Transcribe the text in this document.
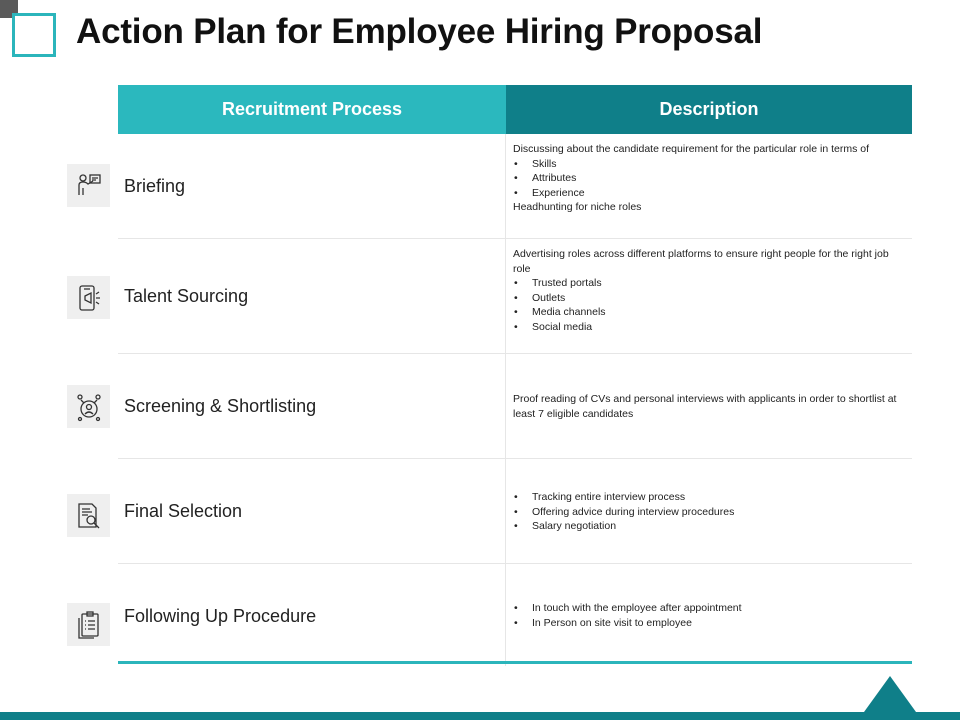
Action Plan for Employee Hiring Proposal
Recruitment Process	Description
Briefing
Discussing about the candidate requirement for the particular role in terms of
• Skills
• Attributes
• Experience
Headhunting for niche roles
Talent Sourcing
Advertising roles across different platforms to ensure right people for the right job role
• Trusted portals
• Outlets
• Media channels
• Social media
Screening & Shortlisting	Proof reading of CVs and personal interviews with applicants in order to shortlist at least 7 eligible candidates
Final Selection
• Tracking entire interview process
• Offering advice during interview procedures
• Salary negotiation
Following Up Procedure
•	In touch with the employee after appointment
• In Person on site visit to employee
